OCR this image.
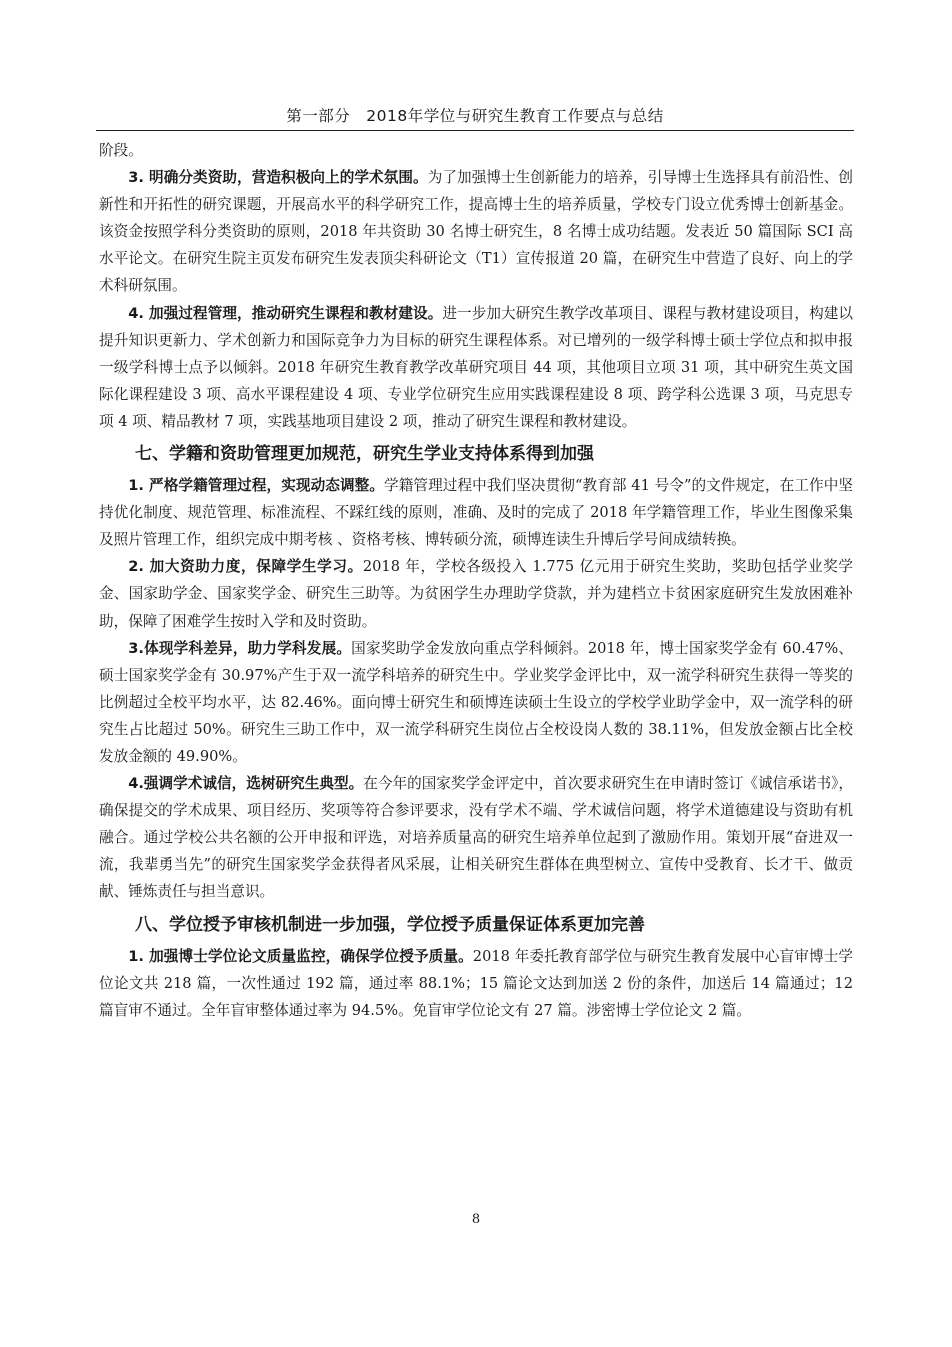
第一部分　2018年学位与研究生教育工作要点与总结

阶段。

3. 明确分类资助，营造积极向上的学术氛围。为了加强博士生创新能力的培养，引导博士生选择具有前沿性、创新性和开拓性的研究课题，开展高水平的科学研究工作，提高博士生的培养质量，学校专门设立优秀博士创新基金。该资金按照学科分类资助的原则，2018 年共资助 30 名博士研究生，8 名博士成功结题。发表近 50 篇国际 SCI 高水平论文。在研究生院主页发布研究生发表顶尖科研论文（T1）宣传报道 20 篇，在研究生中营造了良好、向上的学术科研氛围。

4. 加强过程管理，推动研究生课程和教材建设。进一步加大研究生教学改革项目、课程与教材建设项目，构建以提升知识更新力、学术创新力和国际竞争力为目标的研究生课程体系。对已增列的一级学科博士硕士学位点和拟申报一级学科博士点予以倾斜。2018 年研究生教育教学改革研究项目 44 项，其他项目立项 31 项，其中研究生英文国际化课程建设 3 项、高水平课程建设 4 项、专业学位研究生应用实践课程建设 8 项、跨学科公选课 3 项，马克思专项 4 项、精品教材 7 项，实践基地项目建设 2 项，推动了研究生课程和教材建设。

七、学籍和资助管理更加规范，研究生学业支持体系得到加强

1. 严格学籍管理过程，实现动态调整。学籍管理过程中我们坚决贯彻“教育部 41 号令”的文件规定，在工作中坚持优化制度、规范管理、标准流程、不踩红线的原则，准确、及时的完成了 2018 年学籍管理工作，毕业生图像采集及照片管理工作，组织完成中期考核 、资格考核、博转硕分流，硕博连读生升博后学号间成绩转换。

2. 加大资助力度，保障学生学习。2018 年，学校各级投入 1.775 亿元用于研究生奖助，奖助包括学业奖学金、国家助学金、国家奖学金、研究生三助等。为贫困学生办理助学贷款，并为建档立卡贫困家庭研究生发放困难补助，保障了困难学生按时入学和及时资助。

3.体现学科差异，助力学科发展。国家奖助学金发放向重点学科倾斜。2018 年，博士国家奖学金有 60.47%、硕士国家奖学金有 30.97%产生于双一流学科培养的研究生中。学业奖学金评比中，双一流学科研究生获得一等奖的比例超过全校平均水平，达 82.46%。面向博士研究生和硕博连读硕士生设立的学校学业助学金中，双一流学科的研究生占比超过 50%。研究生三助工作中，双一流学科研究生岗位占全校设岗人数的 38.11%，但发放金额占比全校发放金额的 49.90%。

4.强调学术诚信，选树研究生典型。在今年的国家奖学金评定中，首次要求研究生在申请时签订《诚信承诺书》，确保提交的学术成果、项目经历、奖项等符合参评要求，没有学术不端、学术诚信问题，将学术道德建设与资助有机融合。通过学校公共名额的公开申报和评选，对培养质量高的研究生培养单位起到了激励作用。策划开展“奋进双一流，我辈勇当先”的研究生国家奖学金获得者风采展，让相关研究生群体在典型树立、宣传中受教育、长才干、做贡献、锤炼责任与担当意识。

八、学位授予审核机制进一步加强，学位授予质量保证体系更加完善

1. 加强博士学位论文质量监控，确保学位授予质量。2018 年委托教育部学位与研究生教育发展中心盲审博士学位论文共 218 篇，一次性通过 192 篇，通过率 88.1%；15 篇论文达到加送 2 份的条件，加送后 14 篇通过；12 篇盲审不通过。全年盲审整体通过率为 94.5%。免盲审学位论文有 27 篇。涉密博士学位论文 2 篇。

8
